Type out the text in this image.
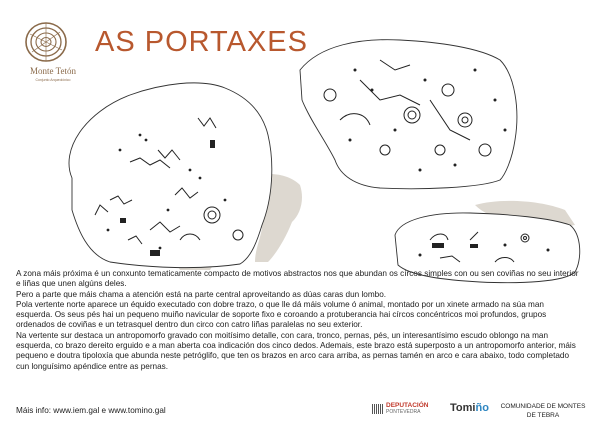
Monte Tetón
Conjunto Arqueolóxico
AS PORTAXES

A zona máis próxima é un conxunto tematicamente compacto de motivos abstractos nos que abundan os círcos simples con ou sen coviñas no seu interior e liñas que unen algúns deles.

Pero a parte que máis chama a atención está na parte central aproveitando as dúas caras dun lombo.

Pola vertente norte aparece un équido executado con dobre trazo, o que lle dá máis volume ó animal, montado por un xinete armado na súa man esquerda. Os seus pés hai un pequeno muiño navicular de soporte fixo e coroando a protuberancia hai círcos concéntricos moi profundos, grupos ordenados de coviñas e un tetrasquel dentro dun circo con catro liñas paralelas no seu exterior.

Na vertente sur destaca un antropomorfo gravado con moitísimo detalle, con cara, tronco, pernas, pés, un interesantísimo escudo oblongo na man esquerda, co brazo dereito erguido e a man aberta coa indicación dos cinco dedos. Ademais, este brazo está superposto a un antropomorfo anterior, máis pequeno e doutra tipoloxía que abunda neste petróglifo, que ten os brazos en arco cara arriba, as pernas tamén en arco e cara abaixo, todo completado cun longuísimo apéndice entre as pernas.

Máis info: www.iem.gal e www.tomino.gal
DEPUTACIÓN
PONTEVEDRA	Tomiño	COMUNIDADE DE MONTES
DE TEBRA
